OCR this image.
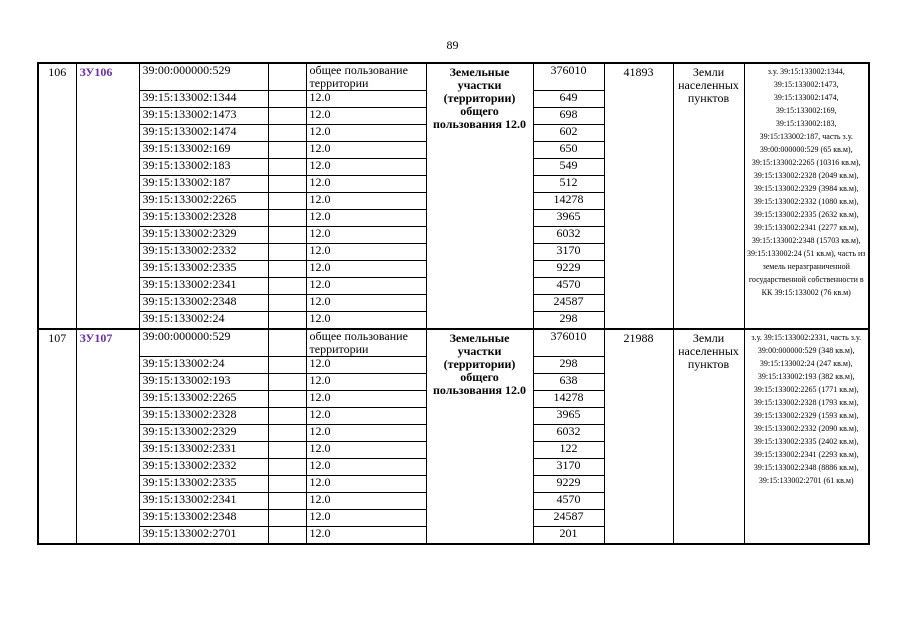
89
106	ЗУ106	39:00:000000:529		общее пользование территории	Земельные участки (территории) общего пользования 12.0	376010	41893	Земли населенных пунктов	з.у. 39:15:133002:1344, 39:15:133002:1473, 39:15:133002:1474, 39:15:133002:169, 39:15:133002:183, 39:15:133002:187, часть з.у. 39:00:000000:529 (65 кв.м), 39:15:133002:2265 (10316 кв.м), 39:15:133002:2328 (2049 кв.м), 39:15:133002:2329 (3984 кв.м), 39:15:133002:2332 (1080 кв.м), 39:15:133002:2335 (2632 кв.м), 39:15:133002:2341 (2277 кв.м), 39:15:133002:2348 (15703 кв.м), 39:15:133002:24 (51 кв.м), часть из земель неразграниченной государственной собственности в КК 39:15:133002 (76 кв.м)
		39:15:133002:1344		12.0		649			
		39:15:133002:1473		12.0		698			
		39:15:133002:1474		12.0		602			
		39:15:133002:169		12.0		650			
		39:15:133002:183		12.0		549			
		39:15:133002:187		12.0		512			
		39:15:133002:2265		12.0		14278			
		39:15:133002:2328		12.0		3965			
		39:15:133002:2329		12.0		6032			
		39:15:133002:2332		12.0		3170			
		39:15:133002:2335		12.0		9229			
		39:15:133002:2341		12.0		4570			
		39:15:133002:2348		12.0		24587			
		39:15:133002:24		12.0		298			
107	ЗУ107	39:00:000000:529		общее пользование территории	Земельные участки (территории) общего пользования 12.0	376010	21988	Земли населенных пунктов	з.у. 39:15:133002:2331, часть з.у. 39:00:000000:529 (348 кв.м), 39:15:133002:24 (247 кв.м), 39:15:133002:193 (382 кв.м), 39:15:133002:2265 (1771 кв.м), 39:15:133002:2328 (1793 кв.м), 39:15:133002:2329 (1593 кв.м), 39:15:133002:2332 (2090 кв.м), 39:15:133002:2335 (2402 кв.м), 39:15:133002:2341 (2293 кв.м), 39:15:133002:2348 (8886 кв.м), 39:15:133002:2701 (61 кв.м)
		39:15:133002:24		12.0		298			
		39:15:133002:193		12.0		638			
		39:15:133002:2265		12.0		14278			
		39:15:133002:2328		12.0		3965			
		39:15:133002:2329		12.0		6032			
		39:15:133002:2331		12.0		122			
		39:15:133002:2332		12.0		3170			
		39:15:133002:2335		12.0		9229			
		39:15:133002:2341		12.0		4570			
		39:15:133002:2348		12.0		24587			
		39:15:133002:2701		12.0		201			
